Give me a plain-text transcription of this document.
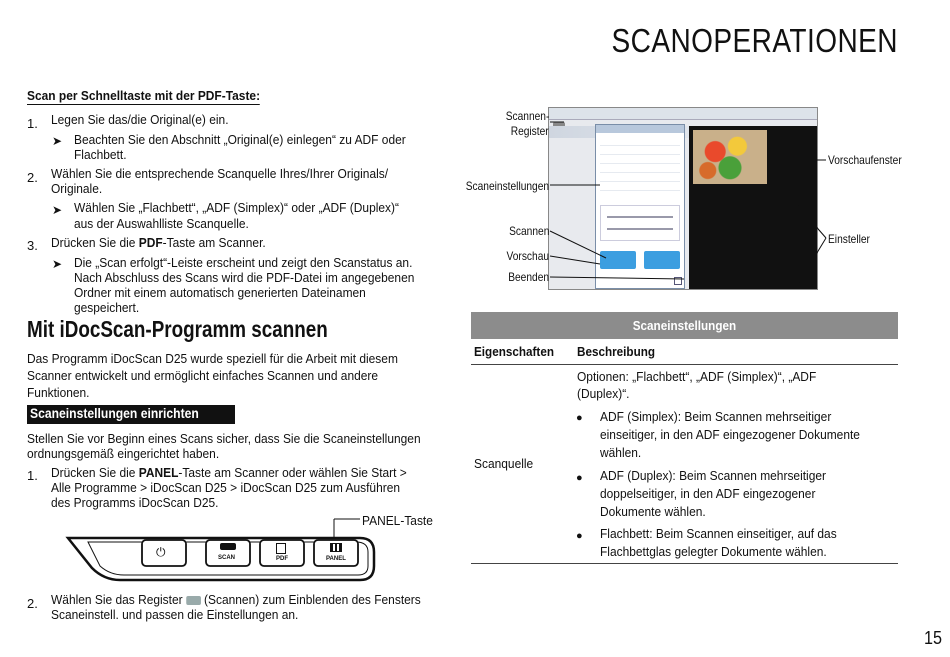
SCANOPERATIONEN
Scan per Schnelltaste mit der PDF-Taste:
1. Legen Sie das/die Original(e) ein.
➤ Beachten Sie den Abschnitt „Original(e) einlegen“ zu ADF oder
Flachbett.
2. Wählen Sie die entsprechende Scanquelle Ihres/Ihrer Originals/
Originale.
➤ Wählen Sie „Flachbett“, „ADF (Simplex)“ oder „ADF (Duplex)“
aus der Auswahlliste Scanquelle.
3. Drücken Sie die PDF-Taste am Scanner.
➤ Die „Scan erfolgt“-Leiste erscheint und zeigt den Scanstatus an.
Nach Abschluss des Scans wird die PDF-Datei im angegebenen
Ordner mit einem automatisch generierten Dateinamen
gespeichert.
Mit iDocScan-Programm scannen
Das Programm iDocScan D25 wurde speziell für die Arbeit mit diesem
Scanner entwickelt und ermöglicht einfaches Scannen und andere
Funktionen.
Scaneinstellungen einrichten
Stellen Sie vor Beginn eines Scans sicher, dass Sie die Scaneinstellungen
ordnungsgemäß eingerichtet haben.
1. Drücken Sie die PANEL-Taste am Scanner oder wählen Sie Start >
Alle Programme > iDocScan D25 > iDocScan D25 zum Ausführen
des Programms iDocScan D25.
PANEL-Taste
⏻	SCAN	PDF	PANEL
2. Wählen Sie das Register (Scannen) zum Einblenden des Fensters
Scaneinstell. und passen die Einstellungen an.
Scannen-
Register
Scaneinstellungen
Scannen
Vorschau
Beenden
Vorschaufenster
Einsteller
Scaneinstellungen
Eigenschaften Beschreibung
Scanquelle
Optionen: „Flachbett“, „ADF (Simplex)“, „ADF
(Duplex)“.
● ADF (Simplex): Beim Scannen mehrseitiger
einseitiger, in den ADF eingezogener Dokumente
wählen.
● ADF (Duplex): Beim Scannen mehrseitiger
doppelseitiger, in den ADF eingezogener
Dokumente wählen.
● Flachbett: Beim Scannen einseitiger, auf das
Flachbettglas gelegter Dokumente wählen.
15
